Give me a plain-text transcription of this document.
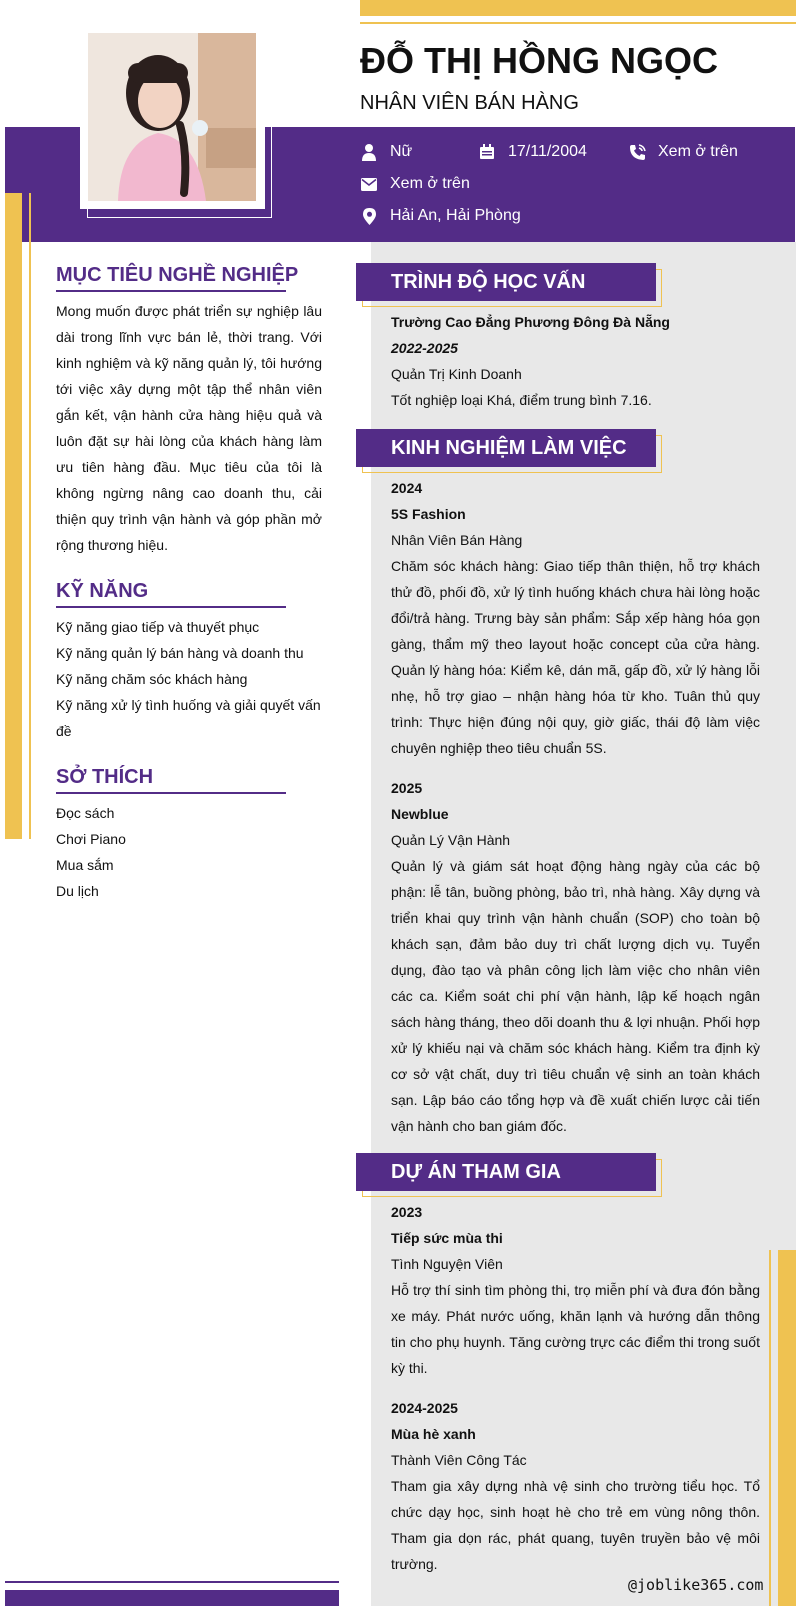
ĐỖ THỊ HỒNG NGỌC
NHÂN VIÊN BÁN HÀNG
Nữ	17/11/2004	Xem ở trên
Xem ở trên
Hải An, Hải Phòng
MỤC TIÊU NGHỀ NGHIỆP

Mong muốn được phát triển sự nghiệp lâu dài trong lĩnh vực bán lẻ, thời trang. Với kinh nghiệm và kỹ năng quản lý, tôi hướng tới việc xây dựng một tập thể nhân viên gắn kết, vận hành cửa hàng hiệu quả và luôn đặt sự hài lòng của khách hàng làm ưu tiên hàng đầu. Mục tiêu của tôi là không ngừng nâng cao doanh thu, cải thiện quy trình vận hành và góp phần mở rộng thương hiệu.

KỸ NĂNG
Kỹ năng giao tiếp và thuyết phục
Kỹ năng quản lý bán hàng và doanh thu
Kỹ năng chăm sóc khách hàng
Kỹ năng xử lý tình huống và giải quyết vấn đề
SỞ THÍCH
Đọc sách
Chơi Piano
Mua sắm
Du lịch
TRÌNH ĐỘ HỌC VẤN
Trường Cao Đẳng Phương Đông Đà Nẵng
2022-2025
Quản Trị Kinh Doanh
Tốt nghiệp loại Khá, điểm trung bình 7.16.
KINH NGHIỆM LÀM VIỆC
2024
5S Fashion
Nhân Viên Bán Hàng
Chăm sóc khách hàng: Giao tiếp thân thiện, hỗ trợ khách thử đồ, phối đồ, xử lý tình huống khách chưa hài lòng hoặc đổi/trả hàng. Trưng bày sản phẩm: Sắp xếp hàng hóa gọn gàng, thẩm mỹ theo layout hoặc concept của cửa hàng. Quản lý hàng hóa: Kiểm kê, dán mã, gấp đồ, xử lý hàng lỗi nhẹ, hỗ trợ giao – nhận hàng hóa từ kho. Tuân thủ quy trình: Thực hiện đúng nội quy, giờ giấc, thái độ làm việc chuyên nghiệp theo tiêu chuẩn 5S.
2025
Newblue
Quản Lý Vận Hành
Quản lý và giám sát hoạt động hàng ngày của các bộ phận: lễ tân, buồng phòng, bảo trì, nhà hàng. Xây dựng và triển khai quy trình vận hành chuẩn (SOP) cho toàn bộ khách sạn, đảm bảo duy trì chất lượng dịch vụ. Tuyển dụng, đào tạo và phân công lịch làm việc cho nhân viên các ca. Kiểm soát chi phí vận hành, lập kế hoạch ngân sách hàng tháng, theo dõi doanh thu & lợi nhuận. Phối hợp xử lý khiếu nại và chăm sóc khách hàng. Kiểm tra định kỳ cơ sở vật chất, duy trì tiêu chuẩn vệ sinh an toàn khách sạn. Lập báo cáo tổng hợp và đề xuất chiến lược cải tiến vận hành cho ban giám đốc.
DỰ ÁN THAM GIA
2023
Tiếp sức mùa thi
Tình Nguyện Viên
Hỗ trợ thí sinh tìm phòng thi, trọ miễn phí và đưa đón bằng xe máy. Phát nước uống, khăn lạnh và hướng dẫn thông tin cho phụ huynh. Tăng cường trực các điểm thi trong suốt kỳ thi.
2024-2025
Mùa hè xanh
Thành Viên Công Tác
Tham gia xây dựng nhà vệ sinh cho trường tiểu học. Tổ chức dạy học, sinh hoạt hè cho trẻ em vùng nông thôn. Tham gia dọn rác, phát quang, tuyên truyền bảo vệ môi trường.
@joblike365.com
